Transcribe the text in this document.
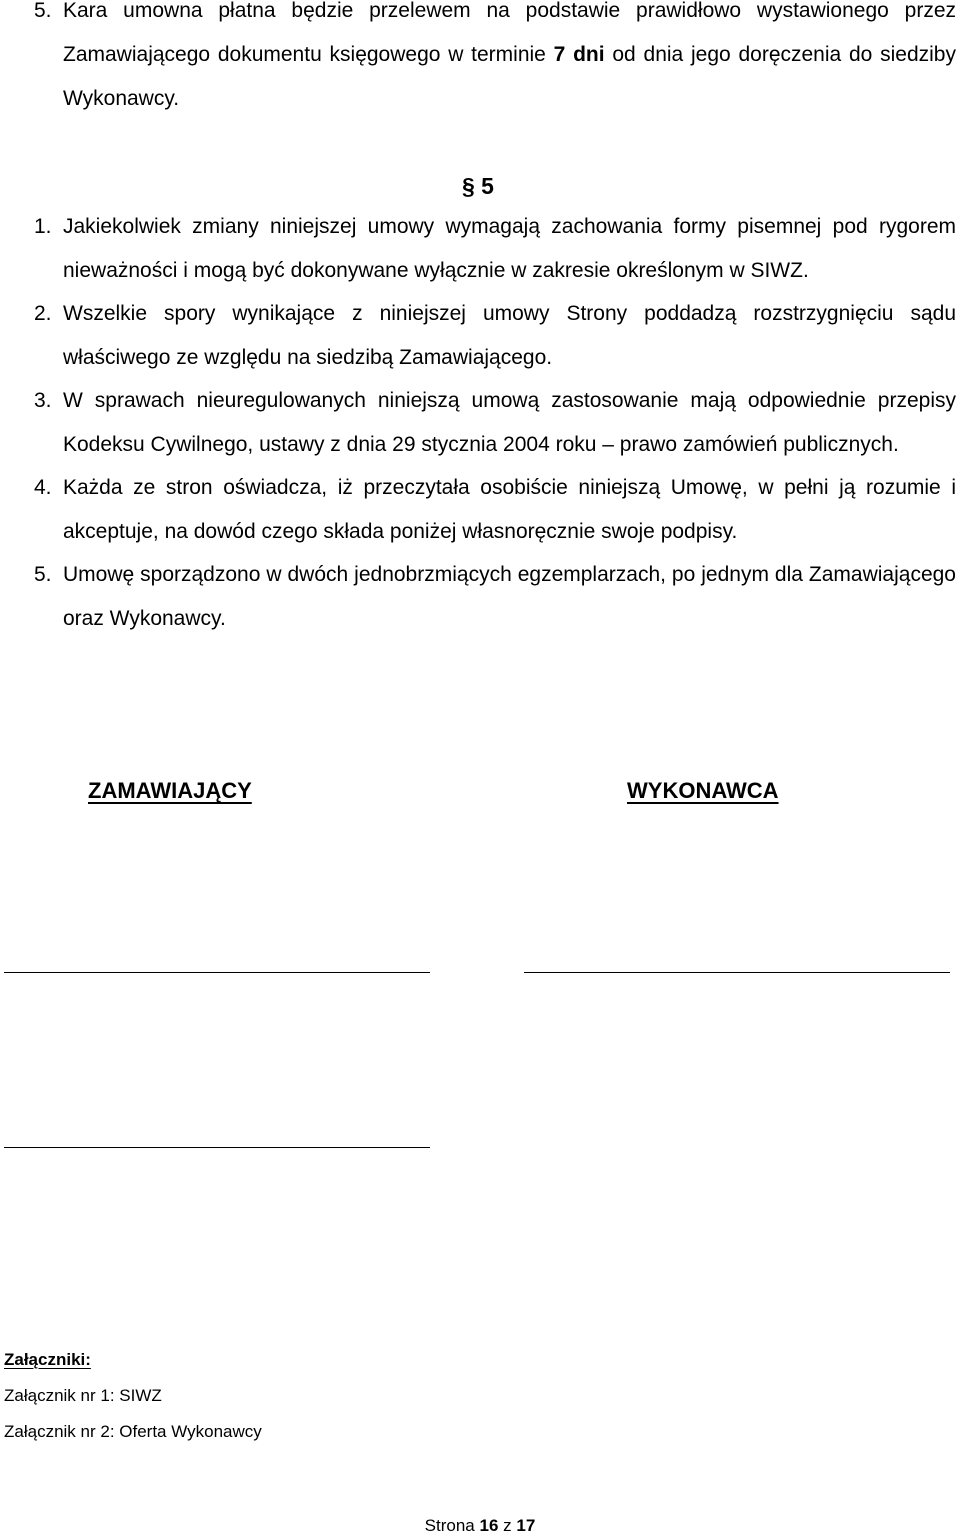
5. Kara umowna płatna będzie przelewem na podstawie prawidłowo wystawionego przez Zamawiającego dokumentu księgowego w terminie 7 dni od dnia jego doręczenia do siedziby Wykonawcy.
§ 5
1. Jakiekolwiek zmiany niniejszej umowy wymagają zachowania formy pisemnej pod rygorem nieważności i mogą być dokonywane wyłącznie w zakresie określonym w SIWZ.
2. Wszelkie spory wynikające z niniejszej umowy Strony poddadzą rozstrzygnięciu sądu właściwego ze względu na siedzibą Zamawiającego.
3. W sprawach nieuregulowanych niniejszą umową zastosowanie mają odpowiednie przepisy Kodeksu Cywilnego, ustawy z dnia 29 stycznia 2004 roku – prawo zamówień publicznych.
4. Każda ze stron oświadcza, iż przeczytała osobiście niniejszą Umowę, w pełni ją rozumie i akceptuje, na dowód czego składa poniżej własnoręcznie swoje podpisy.
5. Umowę sporządzono w dwóch jednobrzmiących egzemplarzach, po jednym dla Zamawiającego oraz Wykonawcy.
ZAMAWIAJĄCY	WYKONAWCA
Załączniki:
Załącznik nr 1: SIWZ
Załącznik nr 2: Oferta Wykonawcy
Strona 16 z 17
